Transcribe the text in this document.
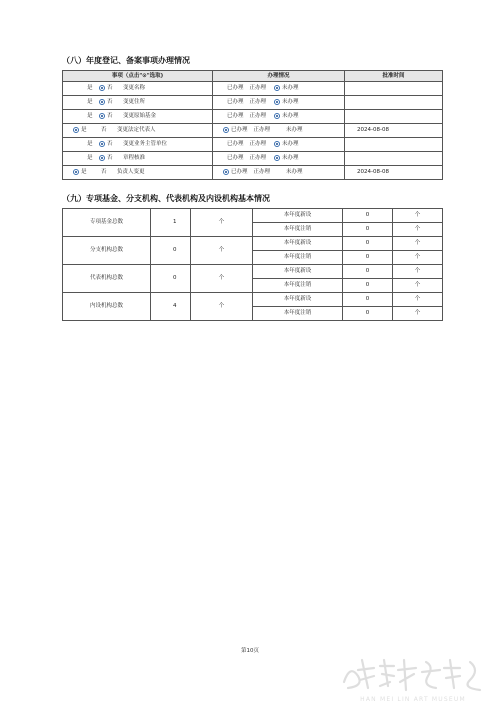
（八）年度登记、备案事项办理情况
事项（点击"⊙"选取)	办理情况	批准时间
是 否 变更名称	已办理 正办理 未办理	
是 否 变更住所	已办理 正办理 未办理	
是 否 变更原始基金	已办理 正办理 未办理	
是 否 变更法定代表人	已办理 正办理 未办理	2024-08-08
是 否 变更业务主管单位	已办理 正办理 未办理	
是 否 章程核准	已办理 正办理 未办理	
是 否 负责人变更	已办理 正办理 未办理	2024-08-08
（九）专项基金、分支机构、代表机构及内设机构基本情况
专项基金总数	1	个	本年度新设	0	个
			本年度注销	0	个
分支机构总数	0	个	本年度新设	0	个
			本年度注销	0	个
代表机构总数	0	个	本年度新设	0	个
			本年度注销	0	个
内设机构总数	4	个	本年度新设	0	个
			本年度注销	0	个
第10页
HAN MEI LIN ART MUSEUM
